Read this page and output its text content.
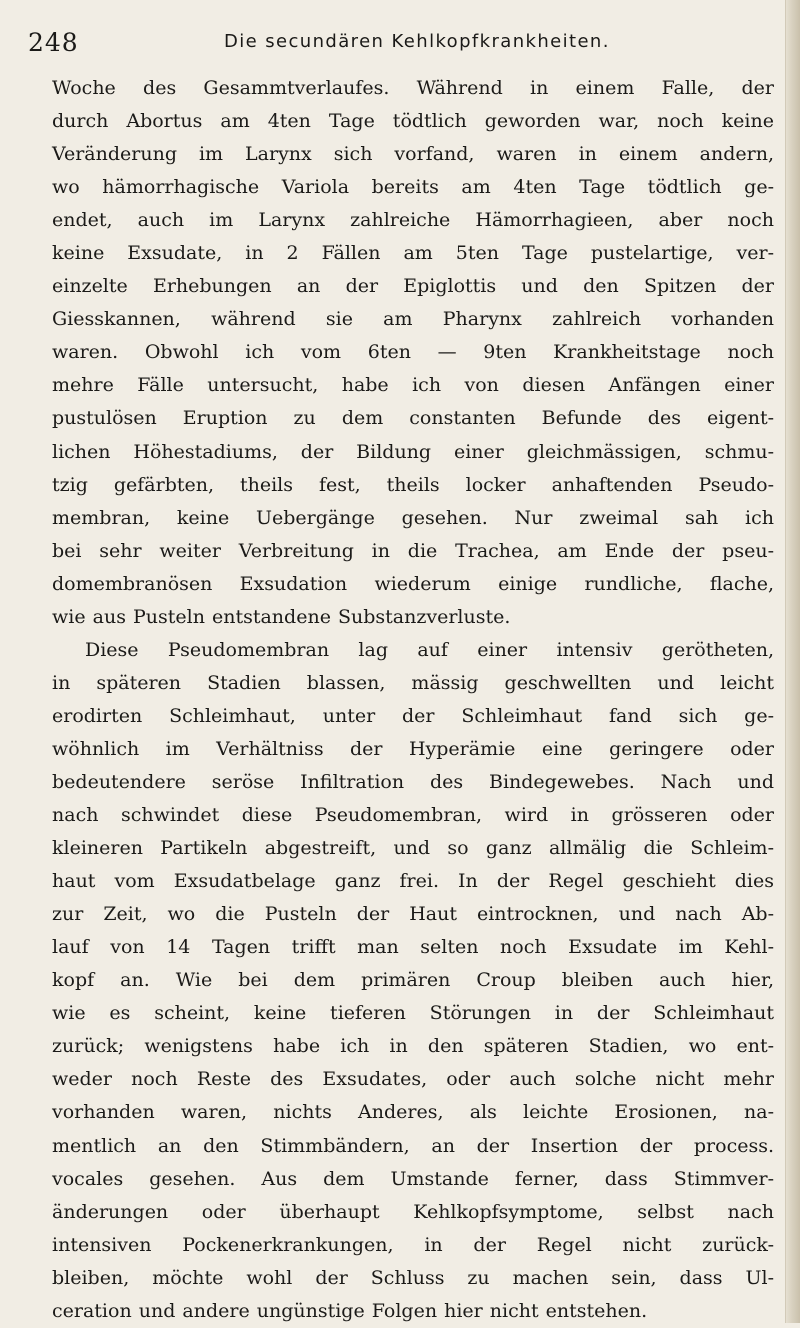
248	Die secundären Kehlkopfkrankheiten.
Woche des Gesammtverlaufes. Während in einem Falle, der
durch Abortus am 4ten Tage tödtlich geworden war, noch keine
Veränderung im Larynx sich vorfand, waren in einem andern,
wo hämorrhagische Variola bereits am 4ten Tage tödtlich ge-
endet, auch im Larynx zahlreiche Hämorrhagieen, aber noch
keine Exsudate, in 2 Fällen am 5ten Tage pustelartige, ver-
einzelte Erhebungen an der Epiglottis und den Spitzen der
Giesskannen, während sie am Pharynx zahlreich vorhanden
waren. Obwohl ich vom 6ten — 9ten Krankheitstage noch
mehre Fälle untersucht, habe ich von diesen Anfängen einer
pustulösen Eruption zu dem constanten Befunde des eigent-
lichen Höhestadiums, der Bildung einer gleichmässigen, schmu-
tzig gefärbten, theils fest, theils locker anhaftenden Pseudo-
membran, keine Uebergänge gesehen. Nur zweimal sah ich
bei sehr weiter Verbreitung in die Trachea, am Ende der pseu-
domembranösen Exsudation wiederum einige rundliche, flache,
wie aus Pusteln entstandene Substanzverluste.
Diese Pseudomembran lag auf einer intensiv gerötheten,
in späteren Stadien blassen, mässig geschwellten und leicht
erodirten Schleimhaut, unter der Schleimhaut fand sich ge-
wöhnlich im Verhältniss der Hyperämie eine geringere oder
bedeutendere seröse Infiltration des Bindegewebes. Nach und
nach schwindet diese Pseudomembran, wird in grösseren oder
kleineren Partikeln abgestreift, und so ganz allmälig die Schleim-
haut vom Exsudatbelage ganz frei. In der Regel geschieht dies
zur Zeit, wo die Pusteln der Haut eintrocknen, und nach Ab-
lauf von 14 Tagen trifft man selten noch Exsudate im Kehl-
kopf an. Wie bei dem primären Croup bleiben auch hier,
wie es scheint, keine tieferen Störungen in der Schleimhaut
zurück; wenigstens habe ich in den späteren Stadien, wo ent-
weder noch Reste des Exsudates, oder auch solche nicht mehr
vorhanden waren, nichts Anderes, als leichte Erosionen, na-
mentlich an den Stimmbändern, an der Insertion der process.
vocales gesehen. Aus dem Umstande ferner, dass Stimmver-
änderungen oder überhaupt Kehlkopfsymptome, selbst nach
intensiven Pockenerkrankungen, in der Regel nicht zurück-
bleiben, möchte wohl der Schluss zu machen sein, dass Ul-
ceration und andere ungünstige Folgen hier nicht entstehen.
